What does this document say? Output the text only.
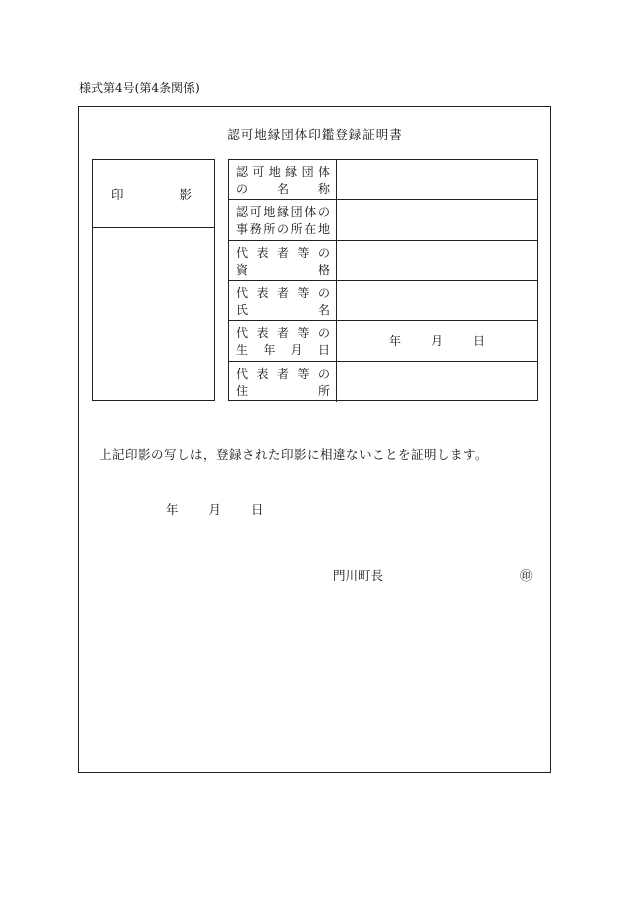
様式第4号(第4条関係)
認可地縁団体印鑑登録証明書
印	影
認 可 地 縁 団 体
の 名 称
認 可 地 縁 団 体 の
事 務 所 の 所 在 地
代 表 者 等 の
資	格
代 表 者 等 の
氏	名
代 表 者 等 の
生 年 月 日
年	月	日
代 表 者 等 の
住	所
上記印影の写しは，登録された印影に相違ないことを証明します。
年 月 日
門川町長	㊞
